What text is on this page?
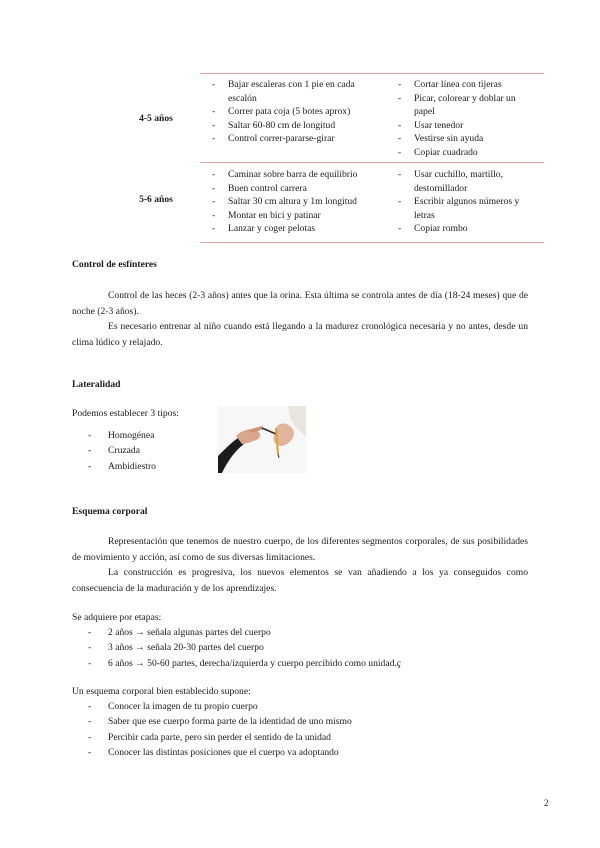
4-5 años
- Bajar escaleras con 1 pie en cada escalón
- Correr pata coja (5 botes aprox)
- Saltar 60-80 cm de longitud
- Control correr-pararse-girar
- Cortar línea con tijeras
- Picar, colorear y doblar un papel
- Usar tenedor
- Vestirse sin ayuda
- Copiar cuadrado
5-6 años
- Caminar sobre barra de equilibrio
- Buen control carrera
- Saltar 30 cm altura y 1m longitud
- Montar en bici y patinar
- Lanzar y coger pelotas
- Usar cuchillo, martillo, destornillador
- Escribir algunos números y letras
- Copiar rombo
Control de esfínteres

Control de las heces (2-3 años) antes que la orina. Esta última se controla antes de día (18-24 meses) que de noche (2-3 años).

Es necesario entrenar al niño cuando está llegando a la madurez cronológica necesaria y no antes, desde un clima lúdico y relajado.

Lateralidad
Podemos establecer 3 tipos:
- Homogénea
- Cruzada
- Ambidiestro
Esquema corporal

Representación que tenemos de nuestro cuerpo, de los diferentes segmentos corporales, de sus posibilidades de movimiento y acción, así como de sus diversas limitaciones.

La construcción es progresiva, los nuevos elementos se van añadiendo a los ya conseguidos como consecuencia de la maduración y de los aprendizajes.

Se adquiere por etapas:
- 2 años → señala algunas partes del cuerpo
- 3 años → señala 20-30 partes del cuerpo
- 6 años → 50-60 partes, derecha/izquierda y cuerpo percibido como unidad.ç
Un esquema corporal bien establecido supone:
- Conocer la imagen de tu propio cuerpo
- Saber que ese cuerpo forma parte de la identidad de uno mismo
- Percibir cada parte, pero sin perder el sentido de la unidad
- Conocer las distintas posiciones que el cuerpo va adoptando
2
